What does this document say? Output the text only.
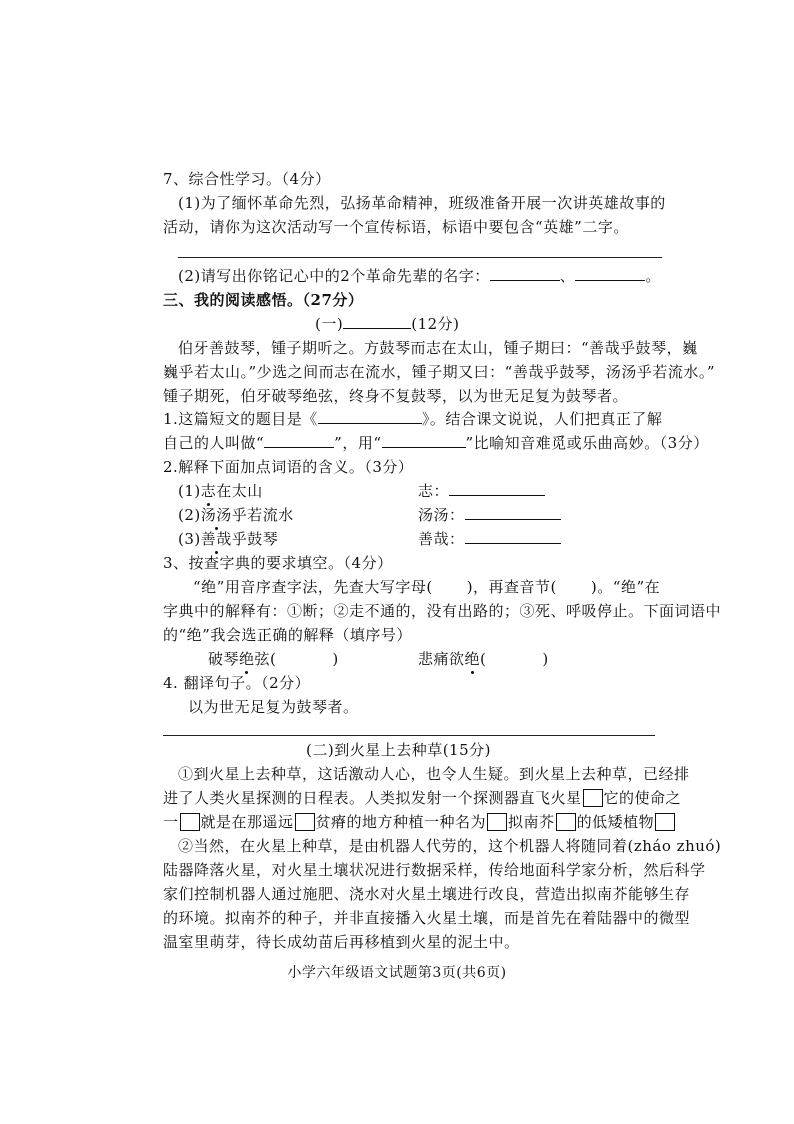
7、综合性学习。（4分）
(1)为了缅怀革命先烈，弘扬革命精神，班级准备开展一次讲英雄故事的
活动，请你为这次活动写一个宣传标语，标语中要包含“英雄”二字。
(2)请写出你铭记心中的2个革命先辈的名字：	、	。
三、我的阅读感悟。（27分）
(一)	(12分)
伯牙善鼓琴，锺子期听之。方鼓琴而志在太山，锺子期曰：“善哉乎鼓琴，巍
巍乎若太山。”少选之间而志在流水，锺子期又曰：“善哉乎鼓琴，汤汤乎若流水。”
锺子期死，伯牙破琴绝弦，终身不复鼓琴，以为世无足复为鼓琴者。
1.这篇短文的题目是《	》。结合课文说说，人们把真正了解
自己的人叫做“	”，用“	”比喻知音难觅或乐曲高妙。（3分）
2.解释下面加点词语的含义。（3分）
(1)志在太山	志：
(2)汤汤乎若流水	汤汤：
(3)善哉乎鼓琴	善哉：
3、按查字典的要求填空。（4分）
“绝”用音序查字法，先查大写字母( )，再查音节( )。“绝”在
字典中的解释有：①断；②走不通的，没有出路的；③死、呼吸停止。下面词语中
的“绝”我会选正确的解释（填序号）
破琴绝弦(	)	悲痛欲绝(	)
4. 翻译句子。（2分）
以为世无足复为鼓琴者。
(二)到火星上去种草(15分)
①到火星上去种草，这话激动人心，也令人生疑。到火星上去种草，已经排
进了人类火星探测的日程表。人类拟发射一个探测器直飞火星 它的使命之
一 就是在那遥远 贫瘠的地方种植一种名为 拟南芥 的低矮植物
②当然，在火星上种草，是由机器人代劳的，这个机器人将随同着(zháo zhuó)
陆器降落火星，对火星土壤状况进行数据采样，传给地面科学家分析，然后科学
家们控制机器人通过施肥、浇水对火星土壤进行改良，营造出拟南芥能够生存
的环境。拟南芥的种子，并非直接播入火星土壤，而是首先在着陆器中的微型
温室里萌芽，待长成幼苗后再移植到火星的泥土中。
小学六年级语文试题第3页(共6页)
